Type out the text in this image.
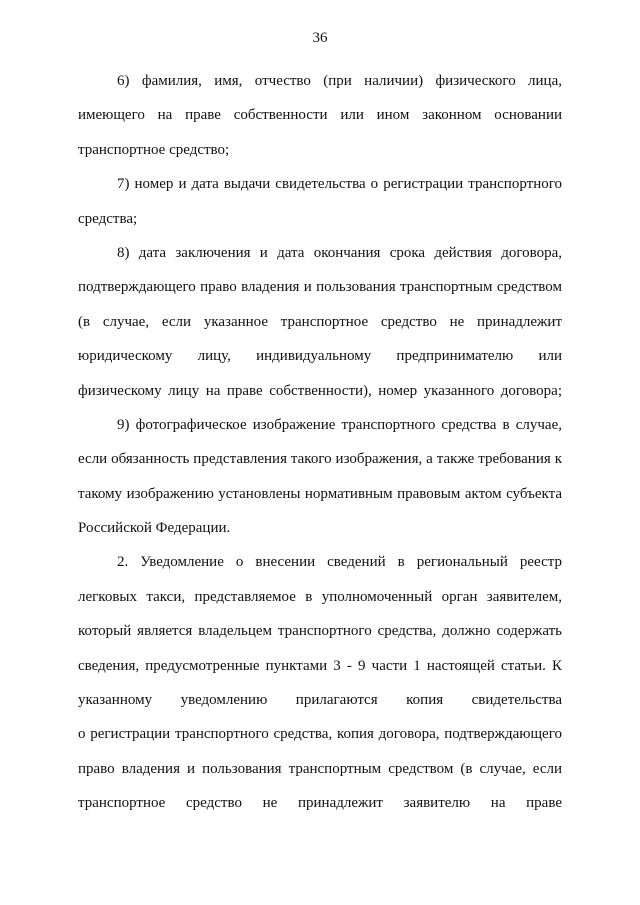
36
6) фамилия, имя, отчество (при наличии) физического лица,
имеющего на праве собственности или ином законном основании
транспортное средство;
7) номер и дата выдачи свидетельства о регистрации транспортного
средства;
8) дата заключения и дата окончания срока действия договора,
подтверждающего право владения и пользования транспортным средством
(в случае, если указанное транспортное средство не принадлежит
юридическому лицу, индивидуальному предпринимателю или
физическому лицу на праве собственности), номер указанного договора;
9) фотографическое изображение транспортного средства в случае,
если обязанность представления такого изображения, а также требования к
такому изображению установлены нормативным правовым актом субъекта
Российской Федерации.
2. Уведомление о внесении сведений в региональный реестр
легковых такси, представляемое в уполномоченный орган заявителем,
который является владельцем транспортного средства, должно содержать
сведения, предусмотренные пунктами 3 - 9 части 1 настоящей статьи. К
указанному уведомлению прилагаются копия свидетельства
о регистрации транспортного средства, копия договора, подтверждающего
право владения и пользования транспортным средством (в случае, если
транспортное средство не принадлежит заявителю на праве
